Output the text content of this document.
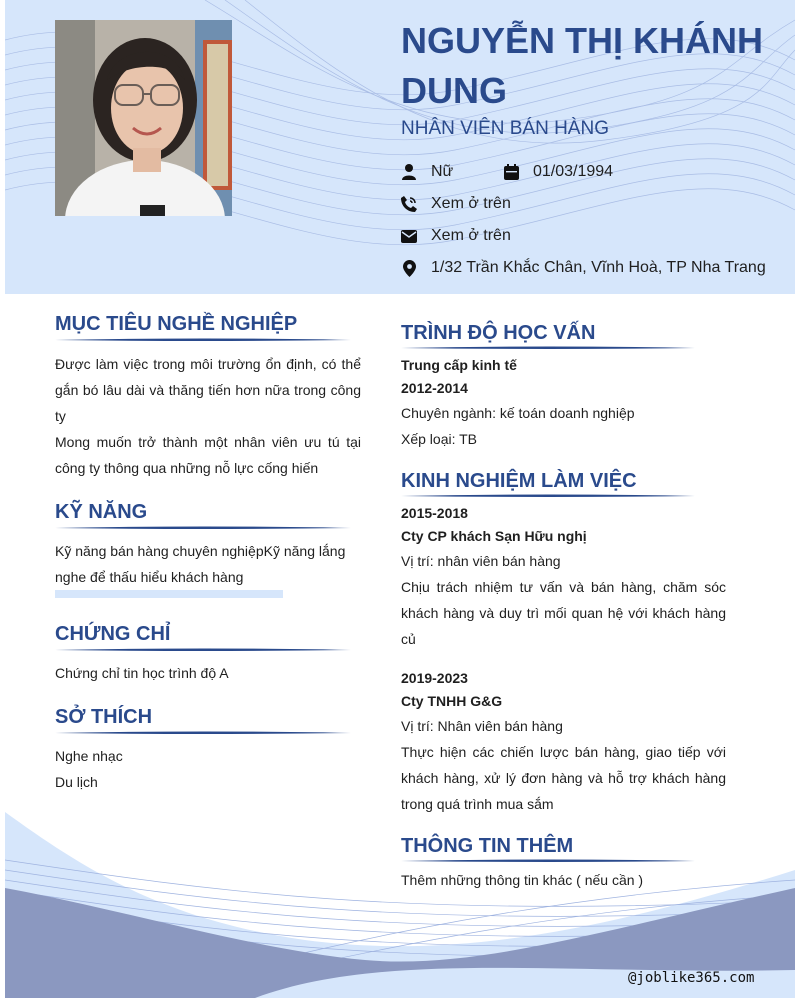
NGUYỄN THỊ KHÁNH DUNG
NHÂN VIÊN BÁN HÀNG
Nữ	01/03/1994
Xem ở trên
Xem ở trên
1/32 Trần Khắc Chân, Vĩnh Hoà, TP Nha Trang
MỤC TIÊU NGHỀ NGHIỆP
Được làm việc trong môi trường ổn định, có thể gắn bó lâu dài và thăng tiến hơn nữa trong công ty
Mong muốn trở thành một nhân viên ưu tú tại công ty thông qua những nỗ lực cống hiến
KỸ NĂNG
Kỹ năng bán hàng chuyên nghiệpKỹ năng lắng nghe để thấu hiểu khách hàng
CHỨNG CHỈ
Chứng chỉ tin học trình độ A
SỞ THÍCH
Nghe nhạc
Du lịch
TRÌNH ĐỘ HỌC VẤN
Trung cấp kinh tế
2012-2014
Chuyên ngành: kế toán doanh nghiệp
Xếp loại: TB
KINH NGHIỆM LÀM VIỆC
2015-2018
Cty CP khách Sạn Hữu nghị
Vị trí: nhân viên bán hàng
Chịu trách nhiệm tư vấn và bán hàng, chăm sóc khách hàng và duy trì mối quan hệ với khách hàng củ
2019-2023
Cty TNHH G&G
Vị trí: Nhân viên bán hàng
Thực hiện các chiến lược bán hàng, giao tiếp với khách hàng, xử lý đơn hàng và hỗ trợ khách hàng trong quá trình mua sắm
THÔNG TIN THÊM
Thêm những thông tin khác ( nếu cần )
@joblike365.com
